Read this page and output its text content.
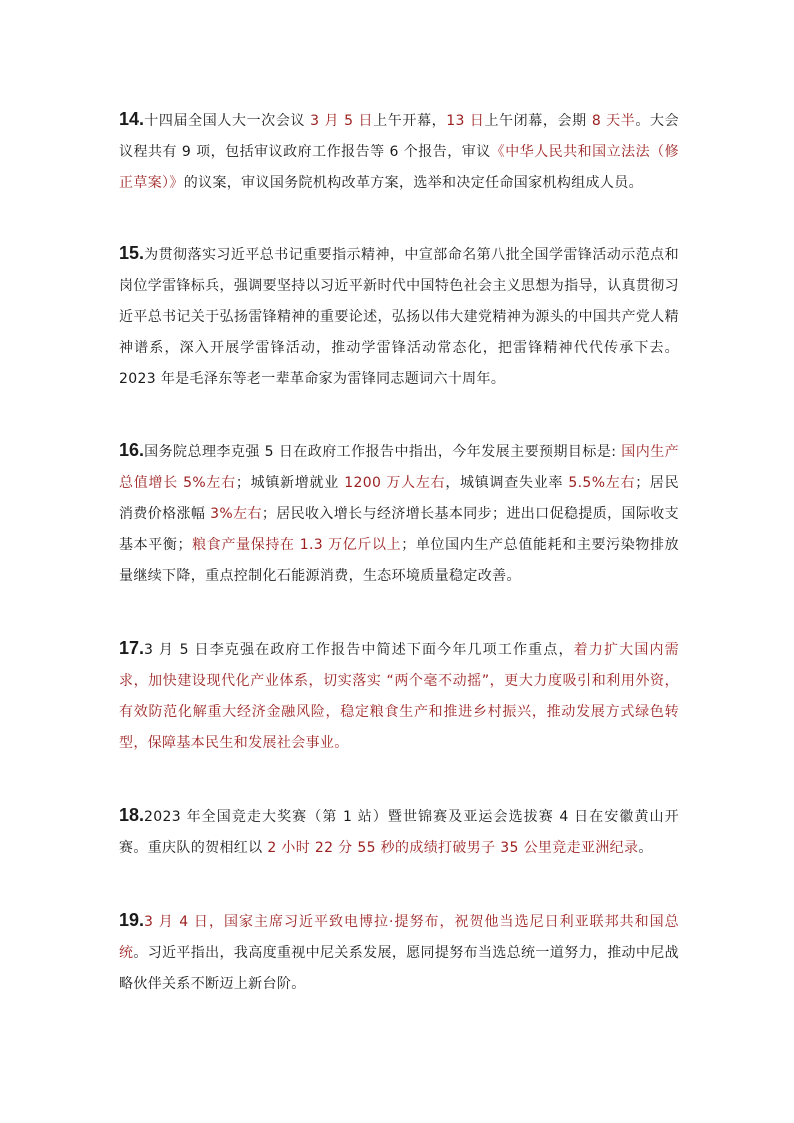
14.十四届全国人大一次会议 3 月 5 日上午开幕，13 日上午闭幕，会期 8 天半。大会议程共有 9 项，包括审议政府工作报告等 6 个报告，审议《中华人民共和国立法法（修正草案）》的议案，审议国务院机构改革方案，选举和决定任命国家机构组成人员。

15.为贯彻落实习近平总书记重要指示精神，中宣部命名第八批全国学雷锋活动示范点和岗位学雷锋标兵，强调要坚持以习近平新时代中国特色社会主义思想为指导，认真贯彻习近平总书记关于弘扬雷锋精神的重要论述，弘扬以伟大建党精神为源头的中国共产党人精神谱系，深入开展学雷锋活动，推动学雷锋活动常态化，把雷锋精神代代传承下去。2023 年是毛泽东等老一辈革命家为雷锋同志题词六十周年。

16.国务院总理李克强 5 日在政府工作报告中指出，今年发展主要预期目标是: 国内生产总值增长 5%左右；城镇新增就业 1200 万人左右，城镇调查失业率 5.5%左右；居民消费价格涨幅 3%左右；居民收入增长与经济增长基本同步；进出口促稳提质，国际收支基本平衡；粮食产量保持在 1.3 万亿斤以上；单位国内生产总值能耗和主要污染物排放量继续下降，重点控制化石能源消费，生态环境质量稳定改善。

17.3 月 5 日李克强在政府工作报告中简述下面今年几项工作重点，着力扩大国内需求，加快建设现代化产业体系，切实落实 “两个毫不动摇”，更大力度吸引和利用外资，有效防范化解重大经济金融风险，稳定粮食生产和推进乡村振兴，推动发展方式绿色转型，保障基本民生和发展社会事业。

18.2023 年全国竞走大奖赛（第 1 站）暨世锦赛及亚运会选拔赛 4 日在安徽黄山开赛。重庆队的贺相红以 2 小时 22 分 55 秒的成绩打破男子 35 公里竞走亚洲纪录。

19.3 月 4 日，国家主席习近平致电博拉·提努布，祝贺他当选尼日利亚联邦共和国总统。习近平指出，我高度重视中尼关系发展，愿同提努布当选总统一道努力，推动中尼战略伙伴关系不断迈上新台阶。
